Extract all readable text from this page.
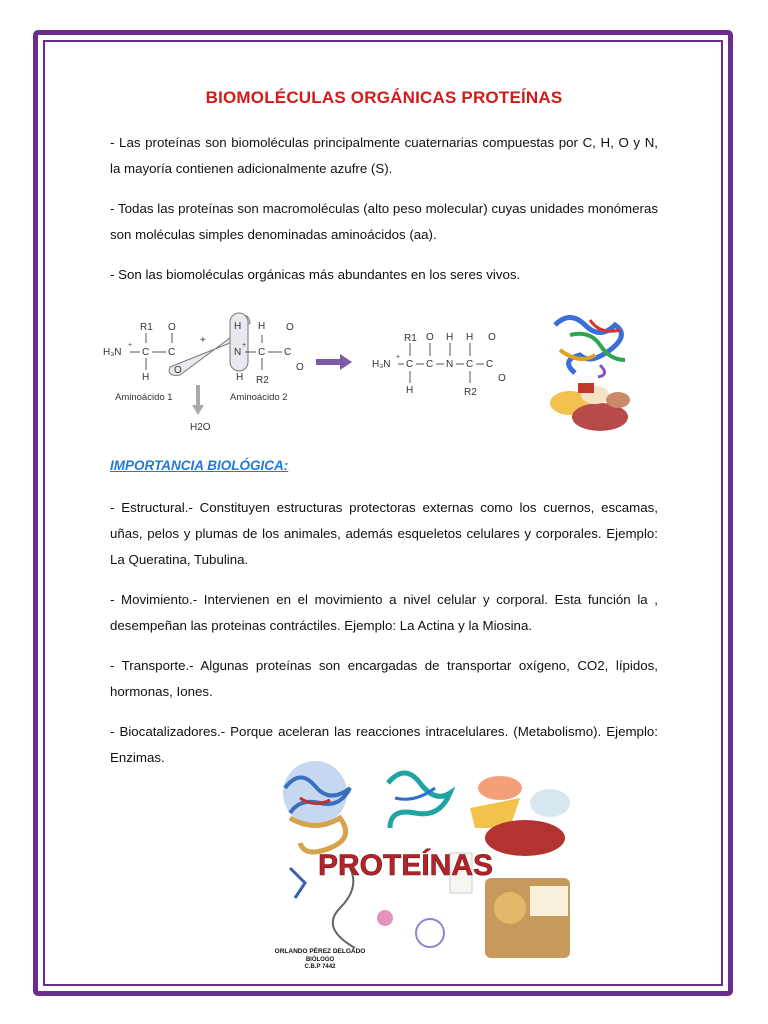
BIOMOLÉCULAS ORGÁNICAS PROTEÍNAS
- Las proteínas son biomoléculas principalmente cuaternarias compuestas por C, H, O y N, la mayoría contienen adicionalmente azufre (S).
- Todas las proteínas son macromoléculas (alto peso molecular) cuyas unidades monómeras son moléculas simples denominadas aminoácidos (aa).
- Son las biomoléculas orgánicas más abundantes en los seres vivos.
H₃N
+
C
R1
H
C
O
O
+
H
N
+
H
C
H
R2
C
O
O
Aminoácido 1	Aminoácido 2
H2O
H₃N
+
C
R1
H
C
O
N
H
C
H
R2
C
O
O
IMPORTANCIA BIOLÓGICA:
- Estructural.- Constituyen estructuras protectoras externas como los cuernos, escamas, uñas, pelos y plumas de los animales, además esqueletos celulares y corporales. Ejemplo: La Queratina, Tubulina.
- Movimiento.- Intervienen en el movimiento a nivel celular y corporal. Esta función la , desempeñan las proteinas contráctiles. Ejemplo: La Actina y la Miosina.
- Transporte.- Algunas proteínas son encargadas de transportar oxígeno, CO2, lípidos, hormonas, Iones.
- Biocatalizadores.- Porque aceleran las reacciones intracelulares. (Metabolismo). Ejemplo: Enzimas.
PROTEÍNAS
ORLANDO PÉREZ DELGADO
BIÓLOGO
C.B.P 7442
